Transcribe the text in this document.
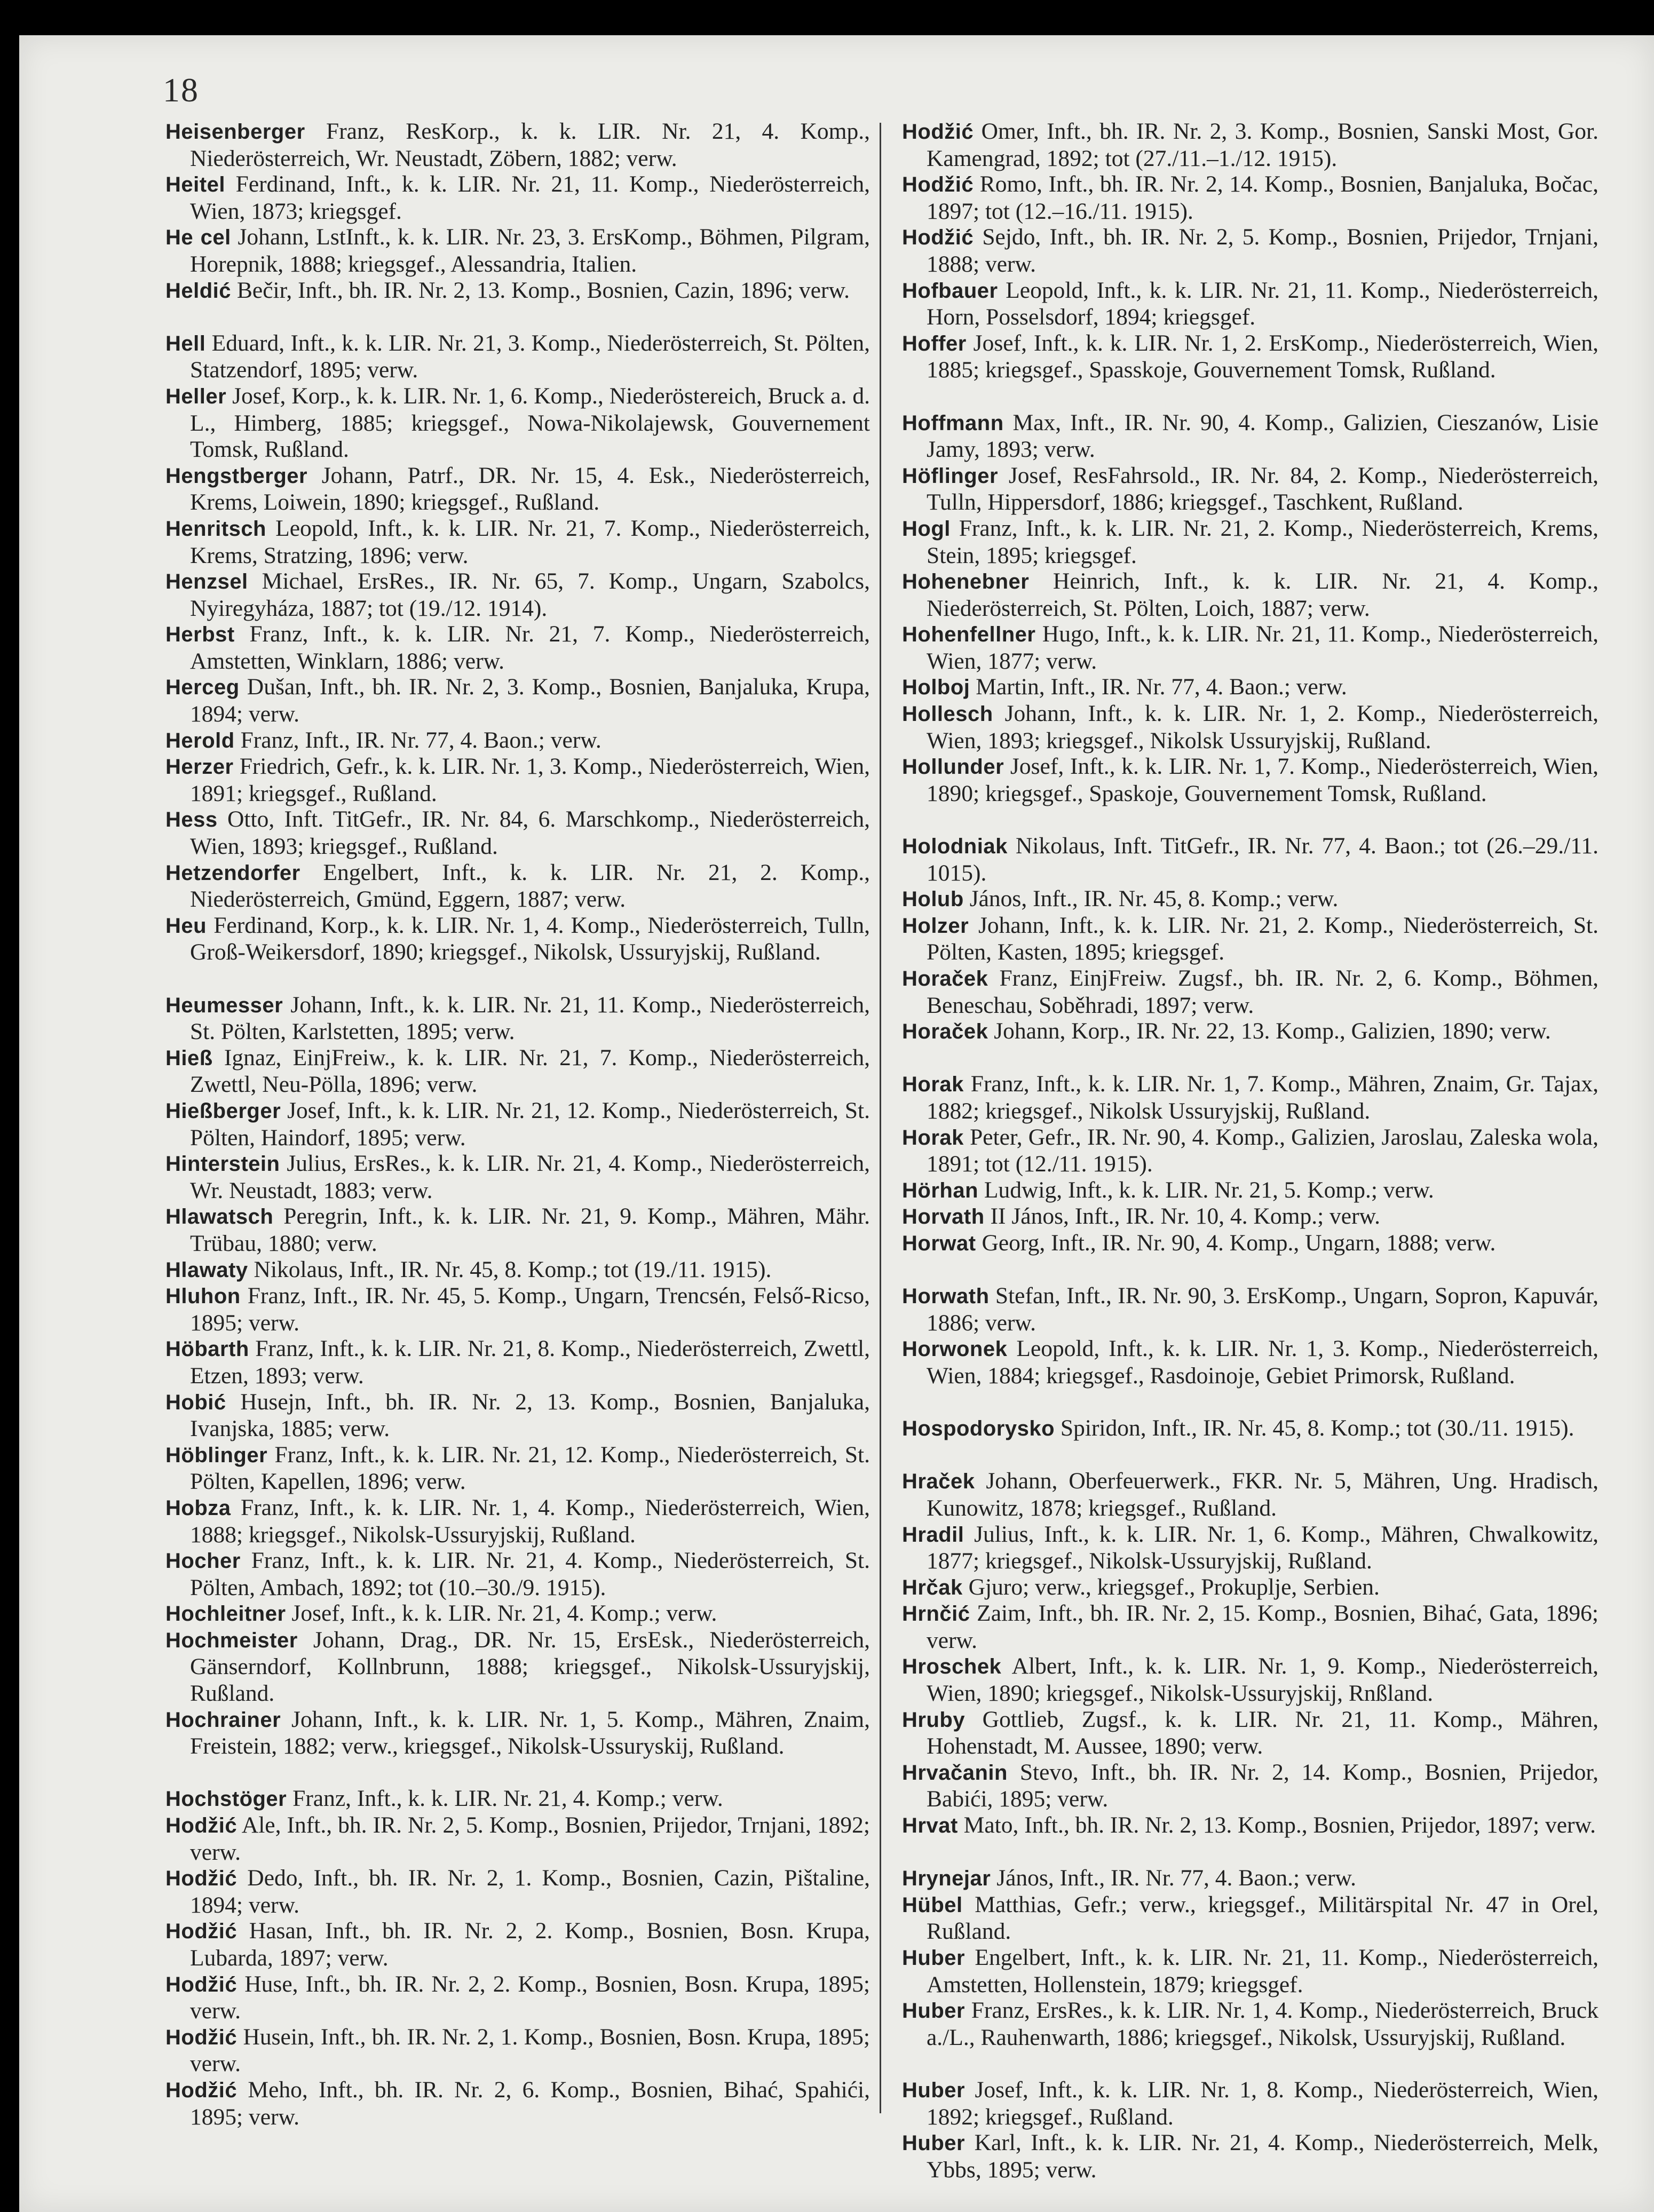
18

Heisenberger Franz, ResKorp., k. k. LIR. Nr. 21, 4. Komp., Niederösterreich, Wr. Neustadt, Zöbern, 1882; verw.

Heitel Ferdinand, Inft., k. k. LIR. Nr. 21, 11. Komp., Niederösterreich, Wien, 1873; kriegsgef.

He cel Johann, LstInft., k. k. LIR. Nr. 23, 3. ErsKomp., Böhmen, Pilgram, Horepnik, 1888; kriegsgef., Alessandria, Italien.

Heldić Bečir, Inft., bh. IR. Nr. 2, 13. Komp., Bosnien, Cazin, 1896; verw.

Hell Eduard, Inft., k. k. LIR. Nr. 21, 3. Komp., Niederösterreich, St. Pölten, Statzendorf, 1895; verw.

Heller Josef, Korp., k. k. LIR. Nr. 1, 6. Komp., Niederöstereich, Bruck a. d. L., Himberg, 1885; kriegsgef., Nowa-Nikolajewsk, Gouvernement Tomsk, Rußland.

Hengstberger Johann, Patrf., DR. Nr. 15, 4. Esk., Niederösterreich, Krems, Loiwein, 1890; kriegsgef., Rußland.

Henritsch Leopold, Inft., k. k. LIR. Nr. 21, 7. Komp., Niederösterreich, Krems, Stratzing, 1896; verw.

Henzsel Michael, ErsRes., IR. Nr. 65, 7. Komp., Ungarn, Szabolcs, Nyiregyháza, 1887; tot (19./12. 1914).

Herbst Franz, Inft., k. k. LIR. Nr. 21, 7. Komp., Niederösterreich, Amstetten, Winklarn, 1886; verw.

Herceg Dušan, Inft., bh. IR. Nr. 2, 3. Komp., Bosnien, Banjaluka, Krupa, 1894; verw.

Herold Franz, Inft., IR. Nr. 77, 4. Baon.; verw.

Herzer Friedrich, Gefr., k. k. LIR. Nr. 1, 3. Komp., Niederösterreich, Wien, 1891; kriegsgef., Rußland.

Hess Otto, Inft. TitGefr., IR. Nr. 84, 6. Marschkomp., Niederösterreich, Wien, 1893; kriegsgef., Rußland.

Hetzendorfer Engelbert, Inft., k. k. LIR. Nr. 21, 2. Komp., Niederösterreich, Gmünd, Eggern, 1887; verw.

Heu Ferdinand, Korp., k. k. LIR. Nr. 1, 4. Komp., Niederösterreich, Tulln, Groß-Weikersdorf, 1890; kriegsgef., Nikolsk, Ussuryjskij, Rußland.

Heumesser Johann, Inft., k. k. LIR. Nr. 21, 11. Komp., Niederösterreich, St. Pölten, Karlstetten, 1895; verw.

Hieß Ignaz, EinjFreiw., k. k. LIR. Nr. 21, 7. Komp., Niederösterreich, Zwettl, Neu-Pölla, 1896; verw.

Hießberger Josef, Inft., k. k. LIR. Nr. 21, 12. Komp., Niederösterreich, St. Pölten, Haindorf, 1895; verw.

Hinterstein Julius, ErsRes., k. k. LIR. Nr. 21, 4. Komp., Niederösterreich, Wr. Neustadt, 1883; verw.

Hlawatsch Peregrin, Inft., k. k. LIR. Nr. 21, 9. Komp., Mähren, Mähr. Trübau, 1880; verw.

Hlawaty Nikolaus, Inft., IR. Nr. 45, 8. Komp.; tot (19./11. 1915).

Hluhon Franz, Inft., IR. Nr. 45, 5. Komp., Ungarn, Trencsén, Felső-Ricso, 1895; verw.

Höbarth Franz, Inft., k. k. LIR. Nr. 21, 8. Komp., Niederösterreich, Zwettl, Etzen, 1893; verw.

Hobić Husejn, Inft., bh. IR. Nr. 2, 13. Komp., Bosnien, Banjaluka, Ivanjska, 1885; verw.

Höblinger Franz, Inft., k. k. LIR. Nr. 21, 12. Komp., Niederösterreich, St. Pölten, Kapellen, 1896; verw.

Hobza Franz, Inft., k. k. LIR. Nr. 1, 4. Komp., Niederösterreich, Wien, 1888; kriegsgef., Nikolsk-Ussuryjskij, Rußland.

Hocher Franz, Inft., k. k. LIR. Nr. 21, 4. Komp., Niederösterreich, St. Pölten, Ambach, 1892; tot (10.–30./9. 1915).

Hochleitner Josef, Inft., k. k. LIR. Nr. 21, 4. Komp.; verw.

Hochmeister Johann, Drag., DR. Nr. 15, ErsEsk., Niederösterreich, Gänserndorf, Kollnbrunn, 1888; kriegsgef., Nikolsk-Ussuryjskij, Rußland.

Hochrainer Johann, Inft., k. k. LIR. Nr. 1, 5. Komp., Mähren, Znaim, Freistein, 1882; verw., kriegsgef., Nikolsk-Ussuryskij, Rußland.

Hochstöger Franz, Inft., k. k. LIR. Nr. 21, 4. Komp.; verw.

Hodžić Ale, Inft., bh. IR. Nr. 2, 5. Komp., Bosnien, Prijedor, Trnjani, 1892; verw.

Hodžić Dedo, Inft., bh. IR. Nr. 2, 1. Komp., Bosnien, Cazin, Pištaline, 1894; verw.

Hodžić Hasan, Inft., bh. IR. Nr. 2, 2. Komp., Bosnien, Bosn. Krupa, Lubarda, 1897; verw.

Hodžić Huse, Inft., bh. IR. Nr. 2, 2. Komp., Bosnien, Bosn. Krupa, 1895; verw.

Hodžić Husein, Inft., bh. IR. Nr. 2, 1. Komp., Bosnien, Bosn. Krupa, 1895; verw.

Hodžić Meho, Inft., bh. IR. Nr. 2, 6. Komp., Bosnien, Bihać, Spahići, 1895; verw.

Hodžić Omer, Inft., bh. IR. Nr. 2, 3. Komp., Bosnien, Sanski Most, Gor. Kamengrad, 1892; tot (27./11.–1./12. 1915).

Hodžić Romo, Inft., bh. IR. Nr. 2, 14. Komp., Bosnien, Banjaluka, Bočac, 1897; tot (12.–16./11. 1915).

Hodžić Sejdo, Inft., bh. IR. Nr. 2, 5. Komp., Bosnien, Prijedor, Trnjani, 1888; verw.

Hofbauer Leopold, Inft., k. k. LIR. Nr. 21, 11. Komp., Niederösterreich, Horn, Posselsdorf, 1894; kriegsgef.

Hoffer Josef, Inft., k. k. LIR. Nr. 1, 2. ErsKomp., Niederösterreich, Wien, 1885; kriegsgef., Spasskoje, Gouvernement Tomsk, Rußland.

Hoffmann Max, Inft., IR. Nr. 90, 4. Komp., Galizien, Cieszanów, Lisie Jamy, 1893; verw.

Höflinger Josef, ResFahrsold., IR. Nr. 84, 2. Komp., Niederösterreich, Tulln, Hippersdorf, 1886; kriegsgef., Taschkent, Rußland.

Hogl Franz, Inft., k. k. LIR. Nr. 21, 2. Komp., Niederösterreich, Krems, Stein, 1895; kriegsgef.

Hohenebner Heinrich, Inft., k. k. LIR. Nr. 21, 4. Komp., Niederösterreich, St. Pölten, Loich, 1887; verw.

Hohenfellner Hugo, Inft., k. k. LIR. Nr. 21, 11. Komp., Niederösterreich, Wien, 1877; verw.

Holboj Martin, Inft., IR. Nr. 77, 4. Baon.; verw.

Hollesch Johann, Inft., k. k. LIR. Nr. 1, 2. Komp., Niederösterreich, Wien, 1893; kriegsgef., Nikolsk Ussuryjskij, Rußland.

Hollunder Josef, Inft., k. k. LIR. Nr. 1, 7. Komp., Niederösterreich, Wien, 1890; kriegsgef., Spaskoje, Gouvernement Tomsk, Rußland.

Holodniak Nikolaus, Inft. TitGefr., IR. Nr. 77, 4. Baon.; tot (26.–29./11. 1015).

Holub János, Inft., IR. Nr. 45, 8. Komp.; verw.

Holzer Johann, Inft., k. k. LIR. Nr. 21, 2. Komp., Niederösterreich, St. Pölten, Kasten, 1895; kriegsgef.

Horaček Franz, EinjFreiw. Zugsf., bh. IR. Nr. 2, 6. Komp., Böhmen, Beneschau, Soběhradi, 1897; verw.

Horaček Johann, Korp., IR. Nr. 22, 13. Komp., Galizien, 1890; verw.

Horak Franz, Inft., k. k. LIR. Nr. 1, 7. Komp., Mähren, Znaim, Gr. Tajax, 1882; kriegsgef., Nikolsk Ussuryjskij, Rußland.

Horak Peter, Gefr., IR. Nr. 90, 4. Komp., Galizien, Jaroslau, Zaleska wola, 1891; tot (12./11. 1915).

Hörhan Ludwig, Inft., k. k. LIR. Nr. 21, 5. Komp.; verw.

Horvath II János, Inft., IR. Nr. 10, 4. Komp.; verw.

Horwat Georg, Inft., IR. Nr. 90, 4. Komp., Ungarn, 1888; verw.

Horwath Stefan, Inft., IR. Nr. 90, 3. ErsKomp., Ungarn, Sopron, Kapuvár, 1886; verw.

Horwonek Leopold, Inft., k. k. LIR. Nr. 1, 3. Komp., Niederösterreich, Wien, 1884; kriegsgef., Rasdoinoje, Gebiet Primorsk, Rußland.

Hospodorysko Spiridon, Inft., IR. Nr. 45, 8. Komp.; tot (30./11. 1915).

Hraček Johann, Oberfeuerwerk., FKR. Nr. 5, Mähren, Ung. Hradisch, Kunowitz, 1878; kriegsgef., Rußland.

Hradil Julius, Inft., k. k. LIR. Nr. 1, 6. Komp., Mähren, Chwalkowitz, 1877; kriegsgef., Nikolsk-Ussuryjskij, Rußland.

Hrčak Gjuro; verw., kriegsgef., Prokuplje, Serbien.

Hrnčić Zaim, Inft., bh. IR. Nr. 2, 15. Komp., Bosnien, Bihać, Gata, 1896; verw.

Hroschek Albert, Inft., k. k. LIR. Nr. 1, 9. Komp., Niederösterreich, Wien, 1890; kriegsgef., Nikolsk-Ussuryjskij, Rnßland.

Hruby Gottlieb, Zugsf., k. k. LIR. Nr. 21, 11. Komp., Mähren, Hohenstadt, M. Aussee, 1890; verw.

Hrvačanin Stevo, Inft., bh. IR. Nr. 2, 14. Komp., Bosnien, Prijedor, Babići, 1895; verw.

Hrvat Mato, Inft., bh. IR. Nr. 2, 13. Komp., Bosnien, Prijedor, 1897; verw.

Hrynejar János, Inft., IR. Nr. 77, 4. Baon.; verw.

Hübel Matthias, Gefr.; verw., kriegsgef., Militärspital Nr. 47 in Orel, Rußland.

Huber Engelbert, Inft., k. k. LIR. Nr. 21, 11. Komp., Niederösterreich, Amstetten, Hollenstein, 1879; kriegsgef.

Huber Franz, ErsRes., k. k. LIR. Nr. 1, 4. Komp., Niederösterreich, Bruck a./L., Rauhenwarth, 1886; kriegsgef., Nikolsk, Ussuryjskij, Rußland.

Huber Josef, Inft., k. k. LIR. Nr. 1, 8. Komp., Niederösterreich, Wien, 1892; kriegsgef., Rußland.

Huber Karl, Inft., k. k. LIR. Nr. 21, 4. Komp., Niederösterreich, Melk, Ybbs, 1895; verw.
